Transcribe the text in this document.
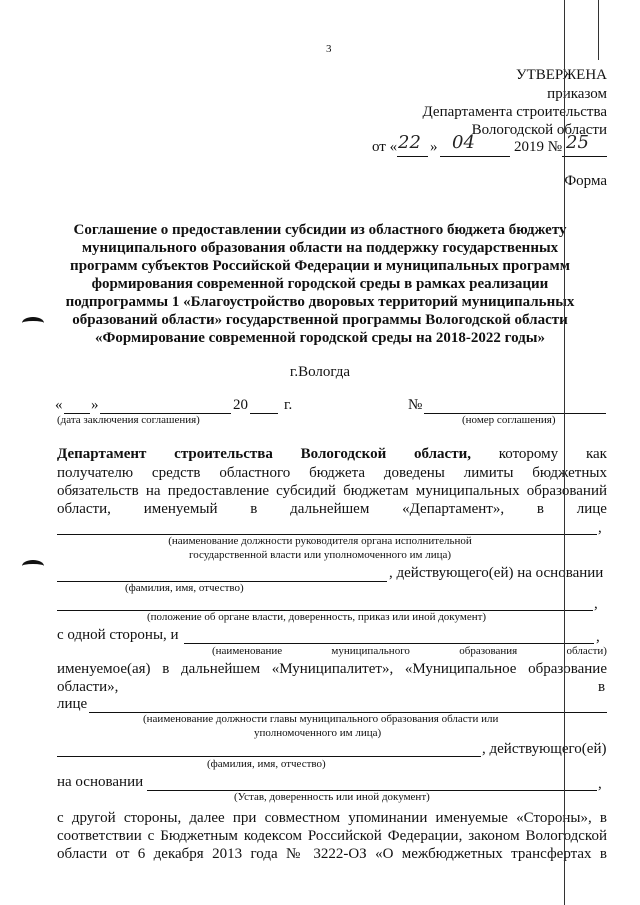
3
УТВЕРЖЕНА
приказом
Департамента строительства
Вологодской области
от « 22 » 04	2019 № 25
Форма
Соглашение о предоставлении субсидии из областного бюджета бюджету
муниципального образования области на поддержку государственных
программ субъектов Российской Федерации и муниципальных программ
формирования современной городской среды в рамках реализации
подпрограммы 1 «Благоустройство дворовых территорий муниципальных
образований области» государственной программы Вологодской области
«Формирование современной городской среды на 2018-2022 годы»
г.Вологда
« »	20 г.	№
(дата заключения соглашения)	(номер соглашения)
Департамент строительства Вологодской области, которому как
получателю средств областного бюджета доведены лимиты бюджетных
обязательств на предоставление субсидий бюджетам муниципальных образований
области, именуемый в дальнейшем «Департамент», в лице
,
(наименование должности руководителя органа исполнительной
государственной власти или уполномоченного им лица)
, действующего(ей) на основании
(фамилия, имя, отчество)
,
(положение об органе власти, доверенность, приказ или иной документ)
с одной стороны, и	,
(наименование	муниципального	образования	области)
именуемое(ая) в дальнейшем «Муниципалитет», «Муниципальное образование
области»,	в
лице
(наименование должности главы муниципального образования области или
уполномоченного им лица)
, действующего(ей)
(фамилия, имя, отчество)
на основании	,
(Устав, доверенность или иной документ)
с другой стороны, далее при совместном упоминании именуемые «Стороны», в
соответствии с Бюджетным кодексом Российской Федерации, законом Вологодской
области от 6 декабря 2013 года № 3222-ОЗ «О межбюджетных трансфертах в
